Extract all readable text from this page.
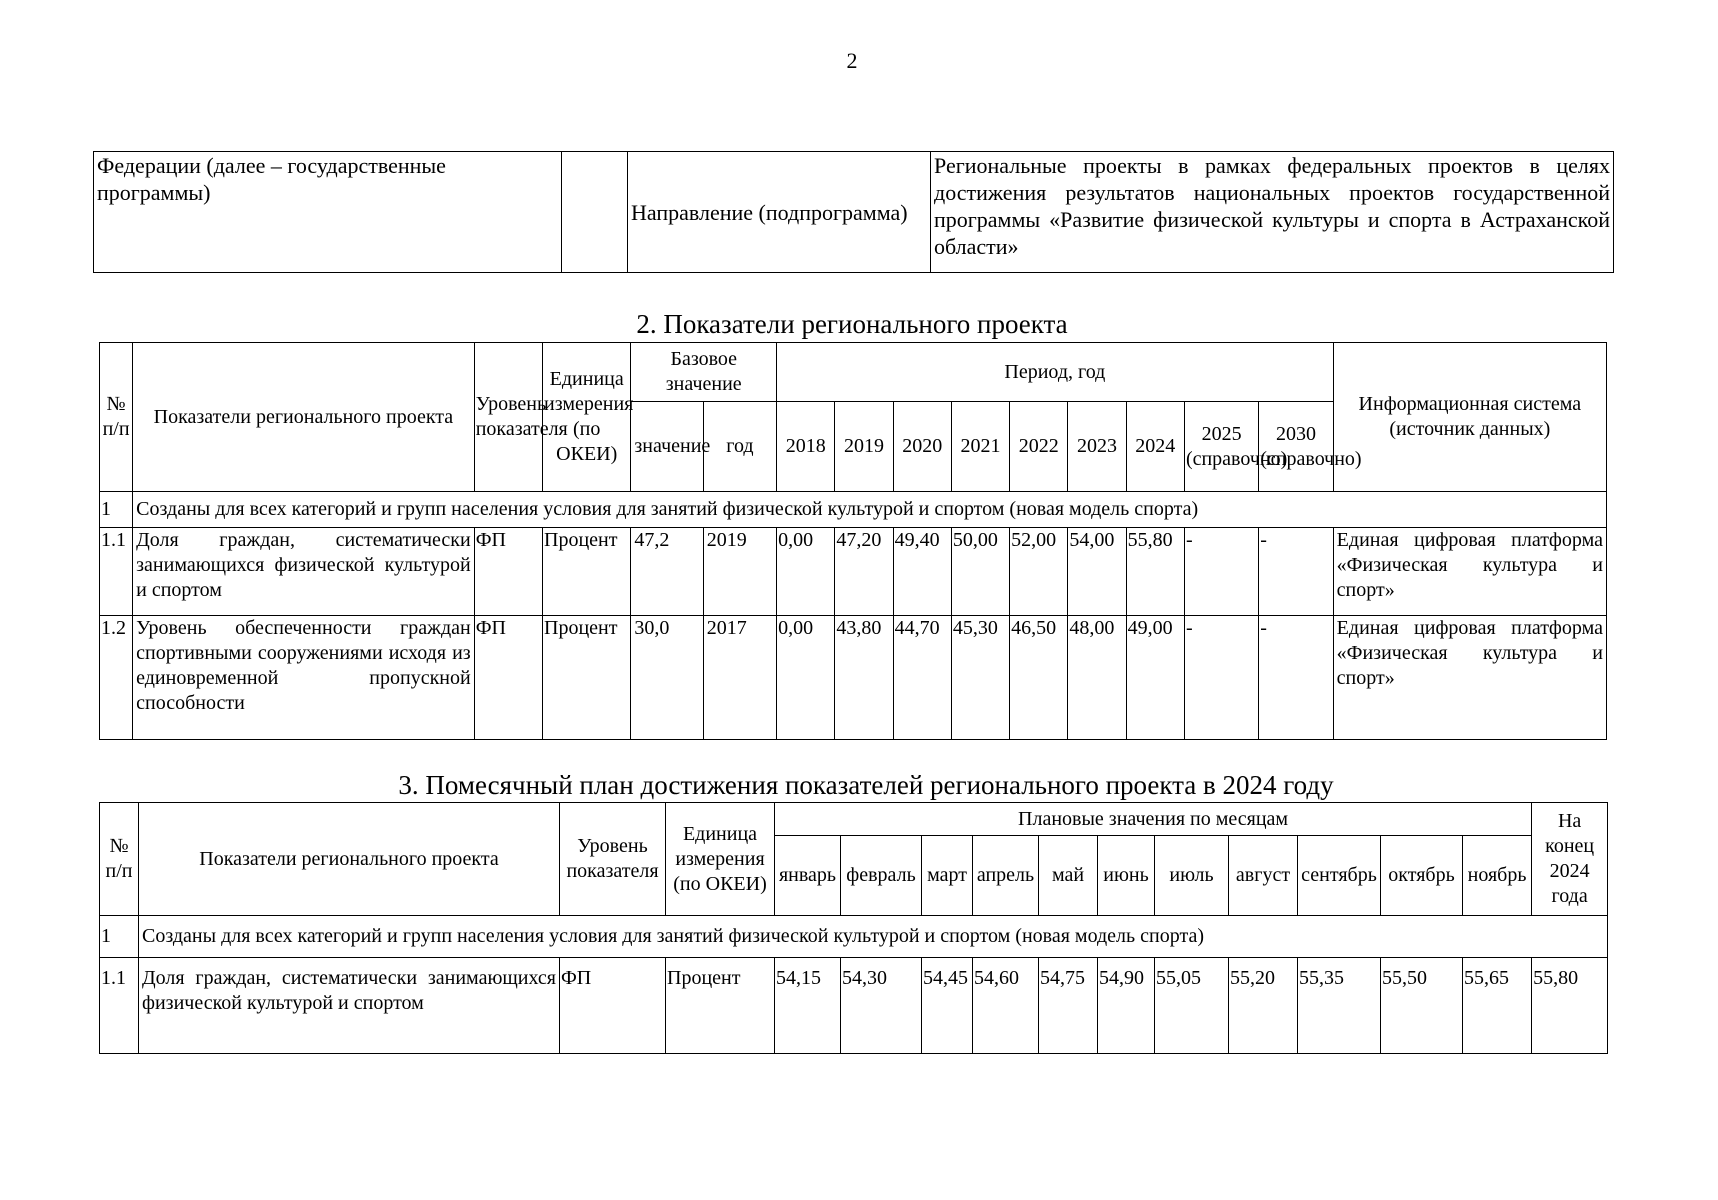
2
Федерации (далее – государственные программы)		Направление (подпрограмма)	Региональные проекты в рамках федеральных проектов в целях достижения результатов национальных проектов государственной программы «Развитие физической культуры и спорта в Астраханской области»
2. Показатели регионального проекта
№ п/п	Показатели регионального проекта	Уровень показателя	Единица измерения (по ОКЕИ)	Базовое значение		Период, год									Информационная система (источник данных)
				значение	год	2018	2019	2020	2021	2022	2023	2024	2025 (справочно)	2030 (справочно)	
1	Созданы для всех категорий и групп населения условия для занятий физической культурой и спортом (новая модель спорта)														
1.1	Доля граждан, систематически занимающихся физической культурой и спортом	ФП	Процент	47,2	2019	0,00	47,20	49,40	50,00	52,00	54,00	55,80	-	-	Единая цифровая платформа «Физическая культура и спорт»
1.2	Уровень обеспеченности граждан спортивными сооружениями исходя из единовременной пропускной способности	ФП	Процент	30,0	2017	0,00	43,80	44,70	45,30	46,50	48,00	49,00	-	-	Единая цифровая платформа «Физическая культура и спорт»
3. Помесячный план достижения показателей регионального проекта в 2024 году
№ п/п	Показатели регионального проекта	Уровень показателя	Единица измерения (по ОКЕИ)	Плановые значения по месяцам											На конец 2024 года
				январь	февраль	март	апрель	май	июнь	июль	август	сентябрь	октябрь	ноябрь	
1	Созданы для всех категорий и групп населения условия для занятий физической культурой и спортом (новая модель спорта)														
1.1	Доля граждан, систематически занимающихся физической культурой и спортом	ФП	Процент	54,15	54,30	54,45	54,60	54,75	54,90	55,05	55,20	55,35	55,50	55,65	55,80
